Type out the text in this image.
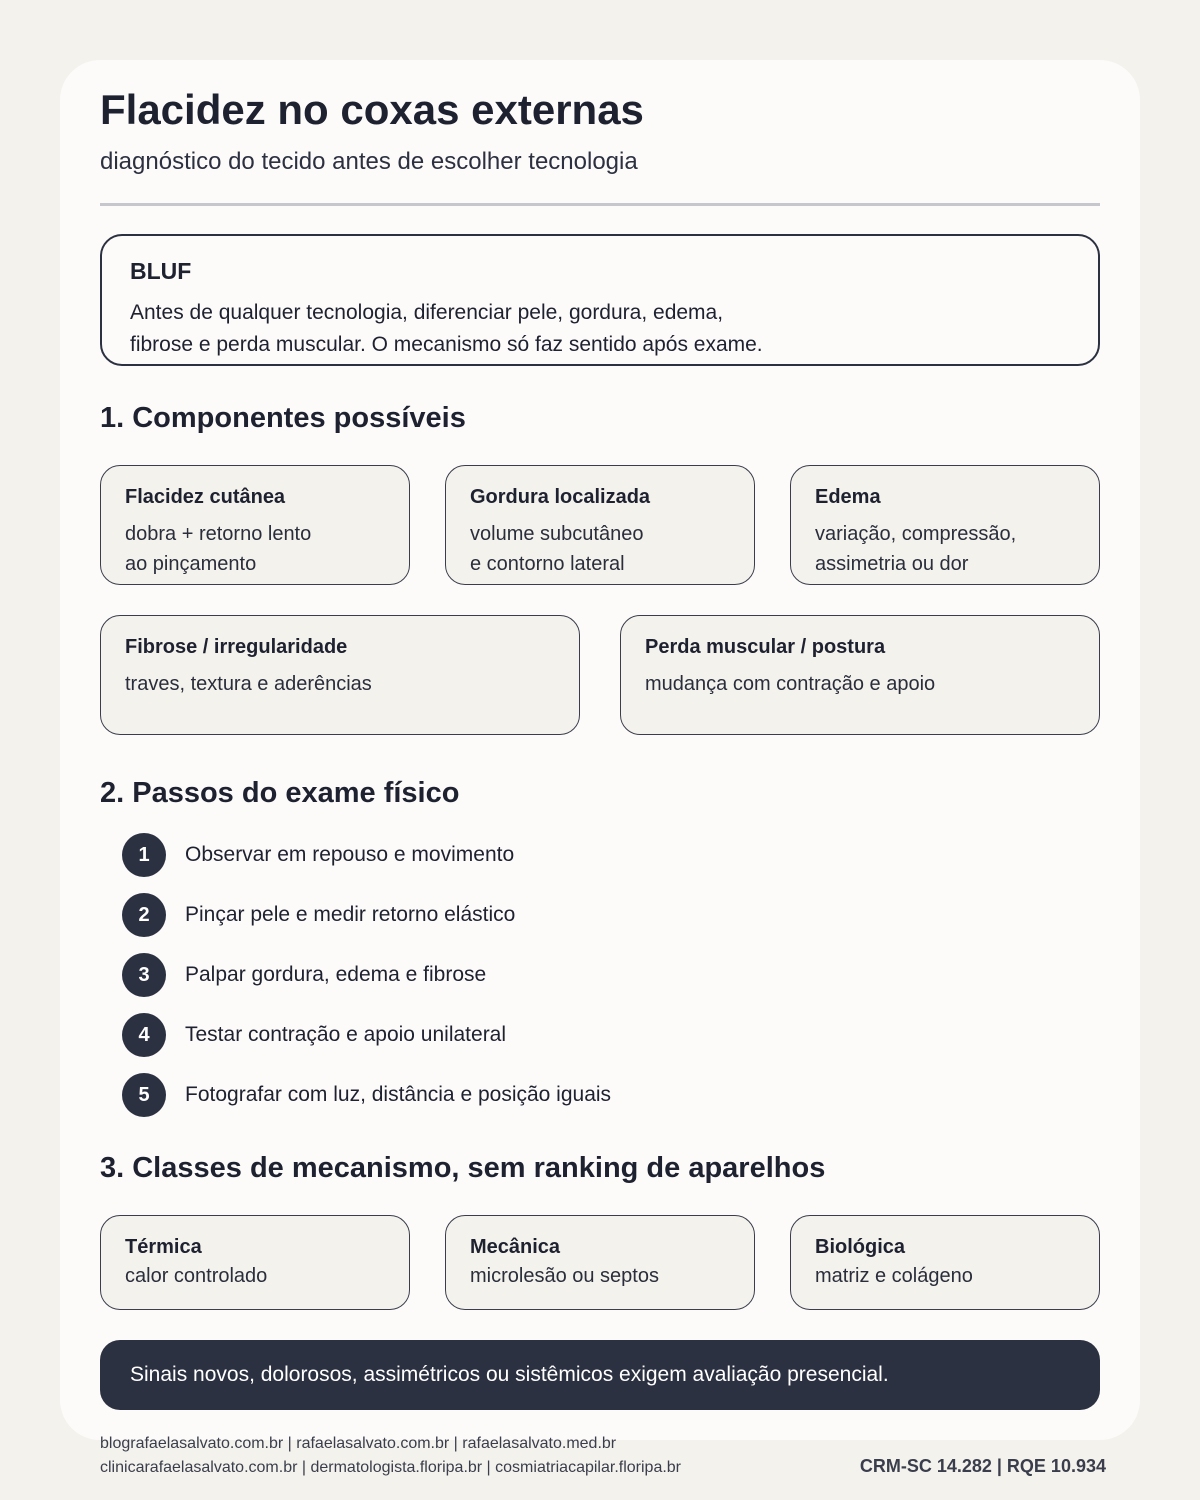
Flacidez no coxas externas
diagnóstico do tecido antes de escolher tecnologia
BLUF
Antes de qualquer tecnologia, diferenciar pele, gordura, edema,
fibrose e perda muscular. O mecanismo só faz sentido após exame.
1. Componentes possíveis
Flacidez cutânea
dobra + retorno lento
ao pinçamento
Gordura localizada
volume subcutâneo
e contorno lateral
Edema
variação, compressão,
assimetria ou dor
Fibrose / irregularidade
traves, textura e aderências
Perda muscular / postura
mudança com contração e apoio
2. Passos do exame físico
1	Observar em repouso e movimento
2	Pinçar pele e medir retorno elástico
3	Palpar gordura, edema e fibrose
4	Testar contração e apoio unilateral
5	Fotografar com luz, distância e posição iguais
3. Classes de mecanismo, sem ranking de aparelhos
Térmica
calor controlado
Mecânica
microlesão ou septos
Biológica
matriz e colágeno
Sinais novos, dolorosos, assimétricos ou sistêmicos exigem avaliação presencial.
blografaelasalvato.com.br | rafaelasalvato.com.br | rafaelasalvato.med.br
clinicarafaelasalvato.com.br | dermatologista.floripa.br | cosmiatriacapilar.floripa.br	CRM-SC 14.282 | RQE 10.934
